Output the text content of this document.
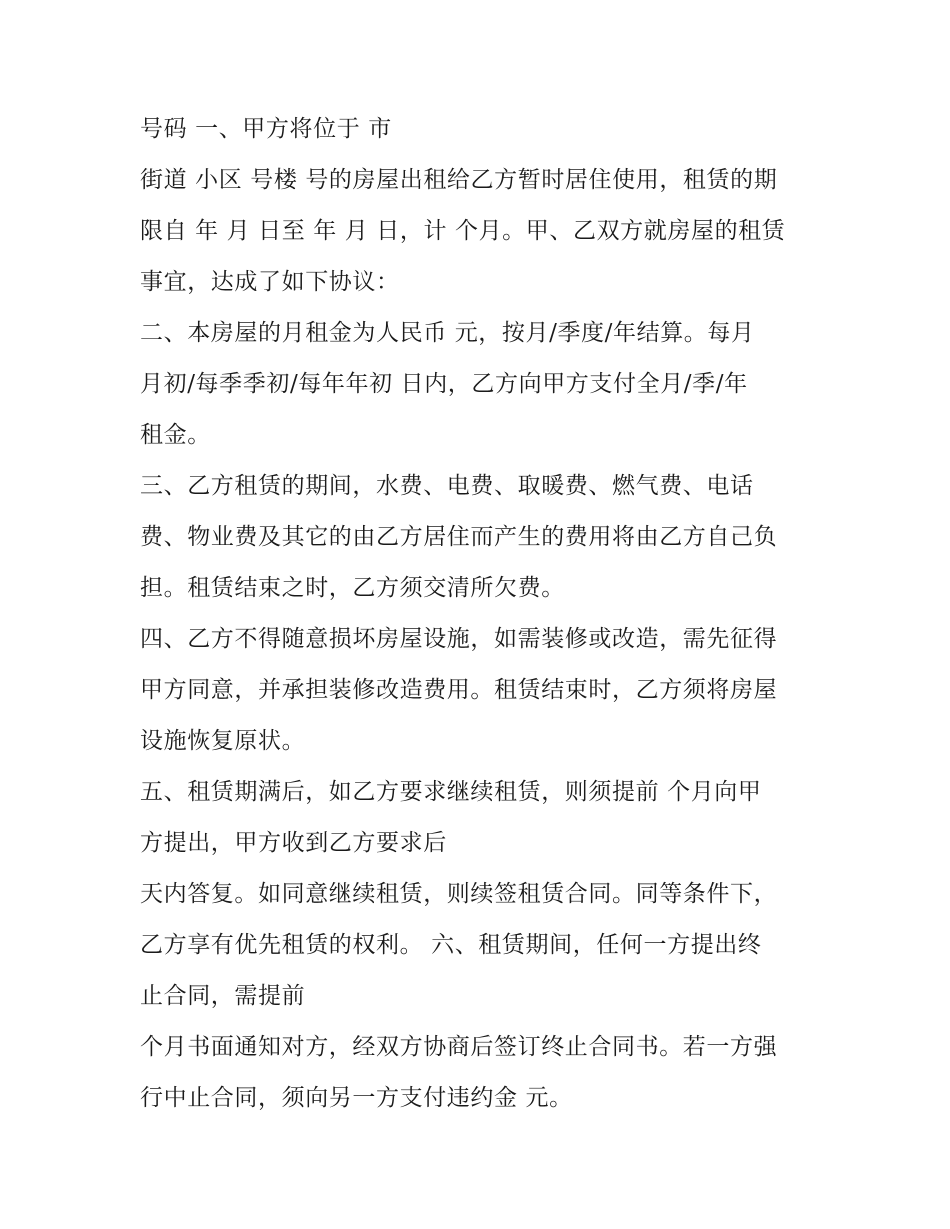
号码 一、甲方将位于 市
街道 小区 号楼 号的房屋出租给乙方暂时居住使用，租赁的期
限自 年 月 日至 年 月 日，计 个月。甲、乙双方就房屋的租赁
事宜，达成了如下协议：
二、本房屋的月租金为人民币 元，按月/季度/年结算。每月
月初/每季季初/每年年初 日内，乙方向甲方支付全月/季/年
租金。
三、乙方租赁的期间，水费、电费、取暖费、燃气费、电话
费、物业费及其它的由乙方居住而产生的费用将由乙方自己负
担。租赁结束之时，乙方须交清所欠费。
四、乙方不得随意损坏房屋设施，如需装修或改造，需先征得
甲方同意，并承担装修改造费用。租赁结束时，乙方须将房屋
设施恢复原状。
五、租赁期满后，如乙方要求继续租赁，则须提前 个月向甲
方提出，甲方收到乙方要求后
天内答复。如同意继续租赁，则续签租赁合同。同等条件下，
乙方享有优先租赁的权利。 六、租赁期间，任何一方提出终
止合同，需提前
个月书面通知对方，经双方协商后签订终止合同书。若一方强
行中止合同，须向另一方支付违约金 元。
